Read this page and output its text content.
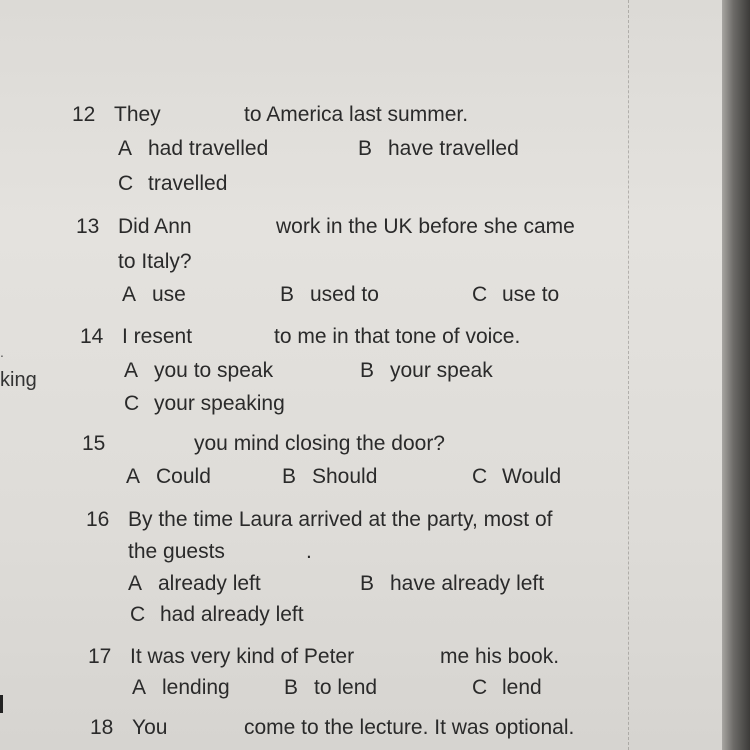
.
king
12 They	to America last summer.
A had travelled	B have travelled
C travelled
13 Did Ann	work in the UK before she came
to Italy?
A use	B used to	C use to
14 I resent	to me in that tone of voice.
A you to speak	B your speak
C your speaking
15	you mind closing the door?
A Could	B Should	C Would
16 By the time Laura arrived at the party, most of
the guests	.
A already left	B have already left
C had already left
17 It was very kind of Peter	me his book.
A lending	B to lend	C lend
18 You	come to the lecture. It was optional.
